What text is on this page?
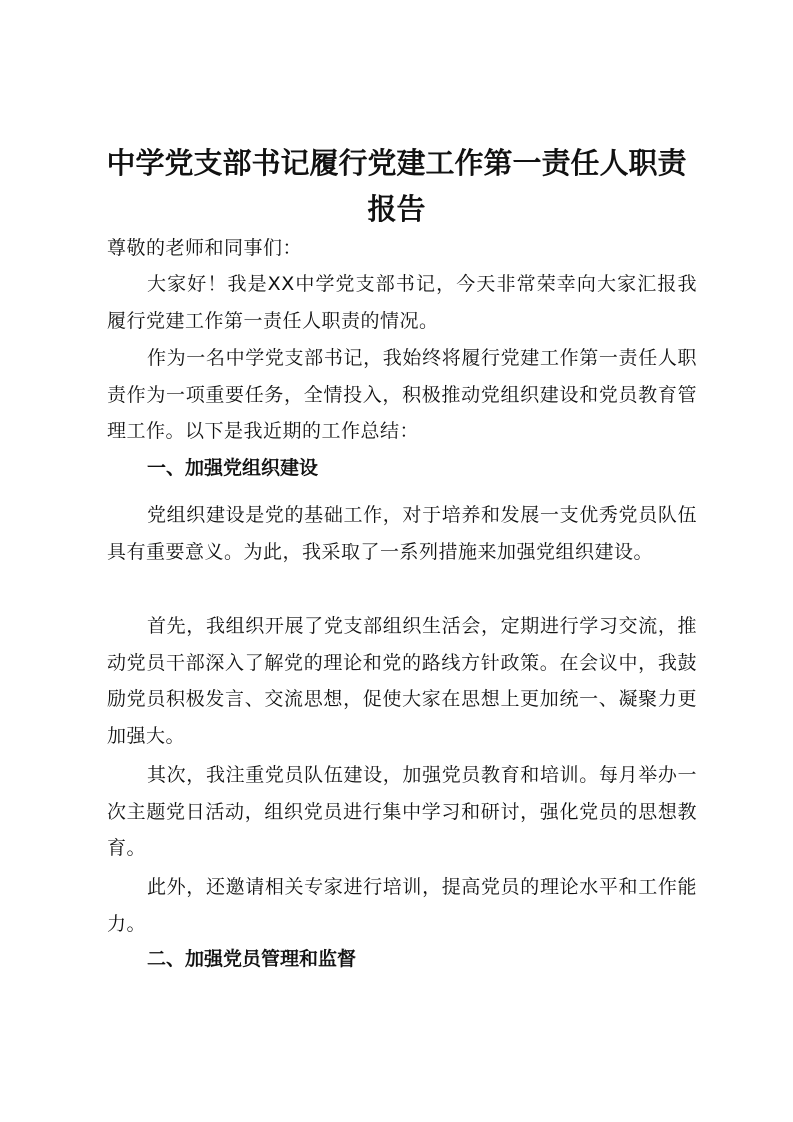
中学党支部书记履行党建工作第一责任人职责
报告

尊敬的老师和同事们：

大家好！我是XX中学党支部书记，今天非常荣幸向大家汇报我履行党建工作第一责任人职责的情况。

作为一名中学党支部书记，我始终将履行党建工作第一责任人职责作为一项重要任务，全情投入，积极推动党组织建设和党员教育管理工作。以下是我近期的工作总结：

一、加强党组织建设

党组织建设是党的基础工作，对于培养和发展一支优秀党员队伍具有重要意义。为此，我采取了一系列措施来加强党组织建设。

首先，我组织开展了党支部组织生活会，定期进行学习交流，推动党员干部深入了解党的理论和党的路线方针政策。在会议中，我鼓励党员积极发言、交流思想，促使大家在思想上更加统一、凝聚力更加强大。

其次，我注重党员队伍建设，加强党员教育和培训。每月举办一次主题党日活动，组织党员进行集中学习和研讨，强化党员的思想教育。

此外，还邀请相关专家进行培训，提高党员的理论水平和工作能力。

二、加强党员管理和监督
